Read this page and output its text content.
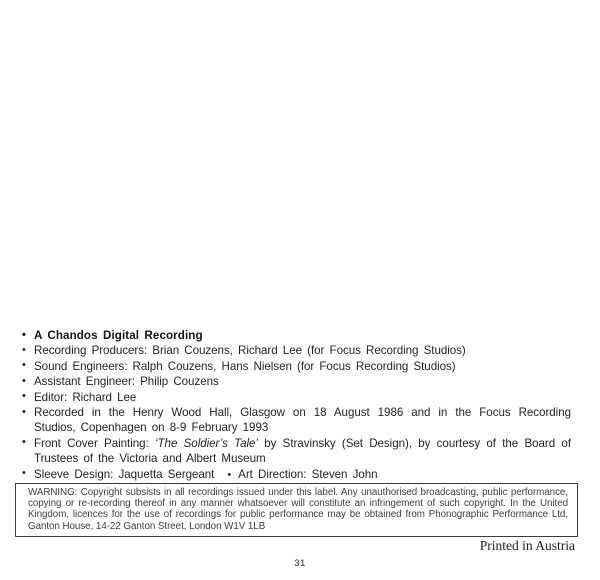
• A Chandos Digital Recording
• Recording Producers: Brian Couzens, Richard Lee (for Focus Recording Studios)
• Sound Engineers: Ralph Couzens, Hans Nielsen (for Focus Recording Studios)
• Assistant Engineer: Philip Couzens
• Editor: Richard Lee
• Recorded in the Henry Wood Hall, Glasgow on 18 August 1986 and in the Focus Recording Studios, Copenhagen on 8-9 February 1993
• Front Cover Painting: ‘The Soldier’s Tale’ by Stravinsky (Set Design), by courtesy of the Board of Trustees of the Victoria and Albert Museum
• Sleeve Design: Jaquetta Sergeant • Art Direction: Steven John
WARNING: Copyright subsists in all recordings issued under this label. Any unauthorised broadcasting, public performance, copying or re-recording thereof in any manner whatsoever will constitute an infringement of such copyright. In the United Kingdom, licences for the use of recordings for public performance may be obtained from Phonographic Performance Ltd, Ganton House, 14-22 Ganton Street, London W1V 1LB
Printed in Austria
31
